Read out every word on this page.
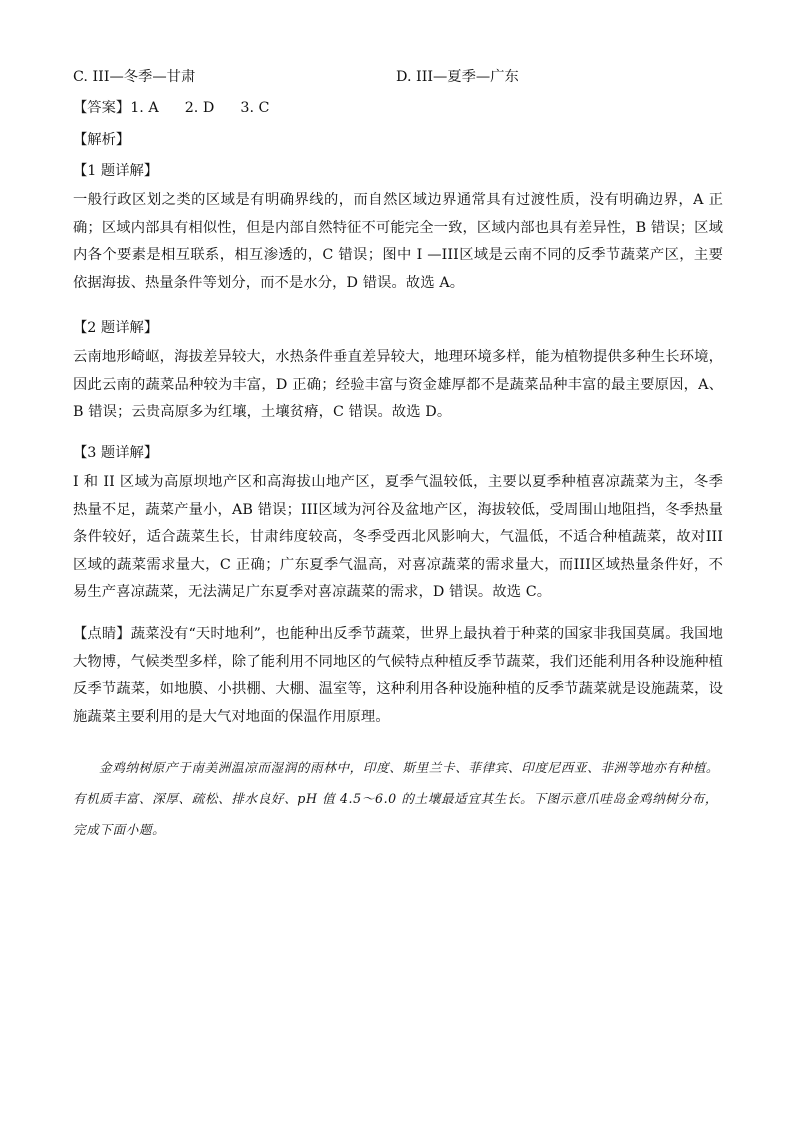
C. III—冬季—甘肃	D. III—夏季—广东
【答案】1. A 2. D 3. C
【解析】
【1 题详解】
一般行政区划之类的区域是有明确界线的，而自然区域边界通常具有过渡性质，没有明确边界，A 正确；区域内部具有相似性，但是内部自然特征不可能完全一致，区域内部也具有差异性，B 错误；区域内各个要素是相互联系，相互渗透的，C 错误；图中 I —III区域是云南不同的反季节蔬菜产区，主要依据海拔、热量条件等划分，而不是水分，D 错误。故选 A。
【2 题详解】
云南地形崎岖，海拔差异较大，水热条件垂直差异较大，地理环境多样，能为植物提供多种生长环境，因此云南的蔬菜品种较为丰富，D 正确；经验丰富与资金雄厚都不是蔬菜品种丰富的最主要原因，A、B 错误；云贵高原多为红壤，土壤贫瘠，C 错误。故选 D。
【3 题详解】
I 和 II 区域为高原坝地产区和高海拔山地产区，夏季气温较低，主要以夏季种植喜凉蔬菜为主，冬季热量不足，蔬菜产量小，AB 错误；III区域为河谷及盆地产区，海拔较低，受周围山地阻挡，冬季热量条件较好，适合蔬菜生长，甘肃纬度较高，冬季受西北风影响大，气温低，不适合种植蔬菜，故对III区域的蔬菜需求量大，C 正确；广东夏季气温高，对喜凉蔬菜的需求量大，而III区域热量条件好，不易生产喜凉蔬菜，无法满足广东夏季对喜凉蔬菜的需求，D 错误。故选 C。
【点睛】蔬菜没有“天时地利”，也能种出反季节蔬菜，世界上最执着于种菜的国家非我国莫属。我国地大物博，气候类型多样，除了能利用不同地区的气候特点种植反季节蔬菜，我们还能利用各种设施种植反季节蔬菜，如地膜、小拱棚、大棚、温室等，这种利用各种设施种植的反季节蔬菜就是设施蔬菜，设施蔬菜主要利用的是大气对地面的保温作用原理。
金鸡纳树原产于南美洲温凉而湿润的雨林中，印度、斯里兰卡、菲律宾、印度尼西亚、非洲等地亦有种植。有机质丰富、深厚、疏松、排水良好、pH 值 4.5～6.0 的土壤最适宜其生长。下图示意爪哇岛金鸡纳树分布，完成下面小题。
